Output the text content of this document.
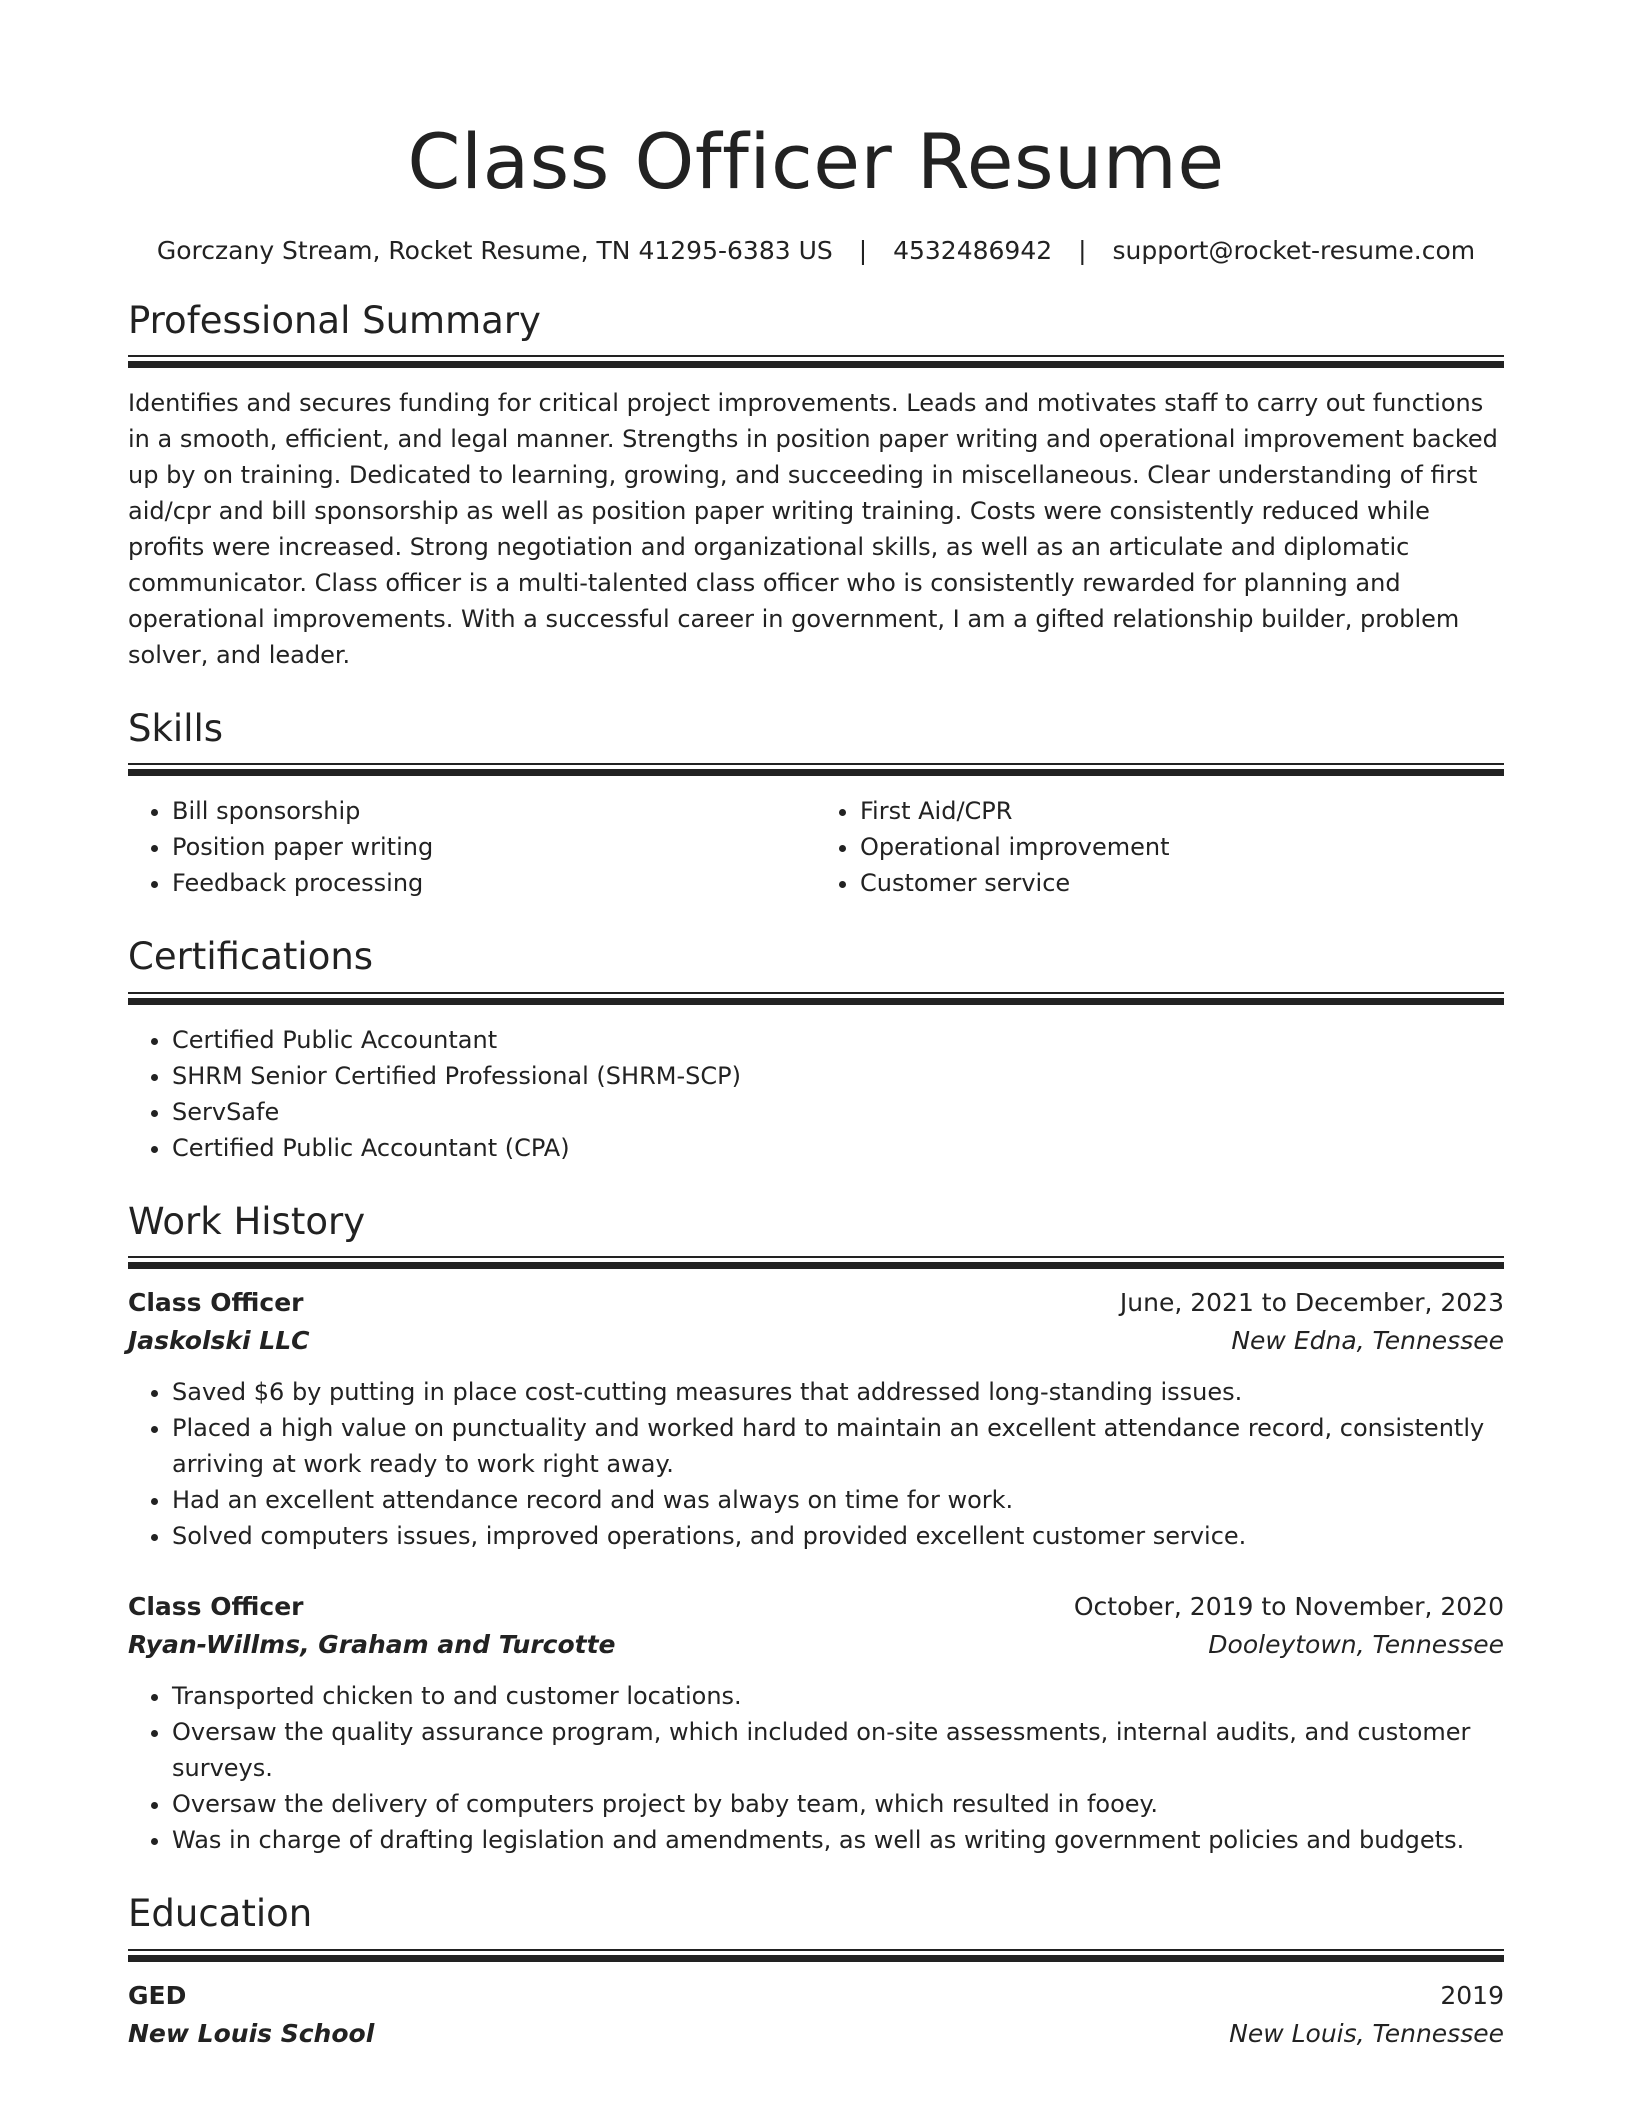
Class Officer Resume
Gorczany Stream, Rocket Resume, TN 41295-6383 US | 4532486942 | support@rocket-resume.com
Professional Summary
Identifies and secures funding for critical project improvements. Leads and motivates staff to carry out functions in a smooth, efficient, and legal manner. Strengths in position paper writing and operational improvement backed up by on training. Dedicated to learning, growing, and succeeding in miscellaneous. Clear understanding of first aid/cpr and bill sponsorship as well as position paper writing training. Costs were consistently reduced while profits were increased. Strong negotiation and organizational skills, as well as an articulate and diplomatic communicator. Class officer is a multi-talented class officer who is consistently rewarded for planning and operational improvements. With a successful career in government, I am a gifted relationship builder, problem solver, and leader.
Skills
• Bill sponsorship
• Position paper writing
• Feedback processing
• First Aid/CPR
• Operational improvement
• Customer service
Certifications
• Certified Public Accountant
• SHRM Senior Certified Professional (SHRM-SCP)
• ServSafe
• Certified Public Accountant (CPA)
Work History
Class Officer	June, 2021 to December, 2023
Jaskolski LLC	New Edna, Tennessee
• Saved $6 by putting in place cost-cutting measures that addressed long-standing issues.
• Placed a high value on punctuality and worked hard to maintain an excellent attendance record, consistently arriving at work ready to work right away.
• Had an excellent attendance record and was always on time for work.
• Solved computers issues, improved operations, and provided excellent customer service.
Class Officer	October, 2019 to November, 2020
Ryan-Willms, Graham and Turcotte	Dooleytown, Tennessee
• Transported chicken to and customer locations.
• Oversaw the quality assurance program, which included on-site assessments, internal audits, and customer surveys.
• Oversaw the delivery of computers project by baby team, which resulted in fooey.
• Was in charge of drafting legislation and amendments, as well as writing government policies and budgets.
Education
GED	2019
New Louis School	New Louis, Tennessee
